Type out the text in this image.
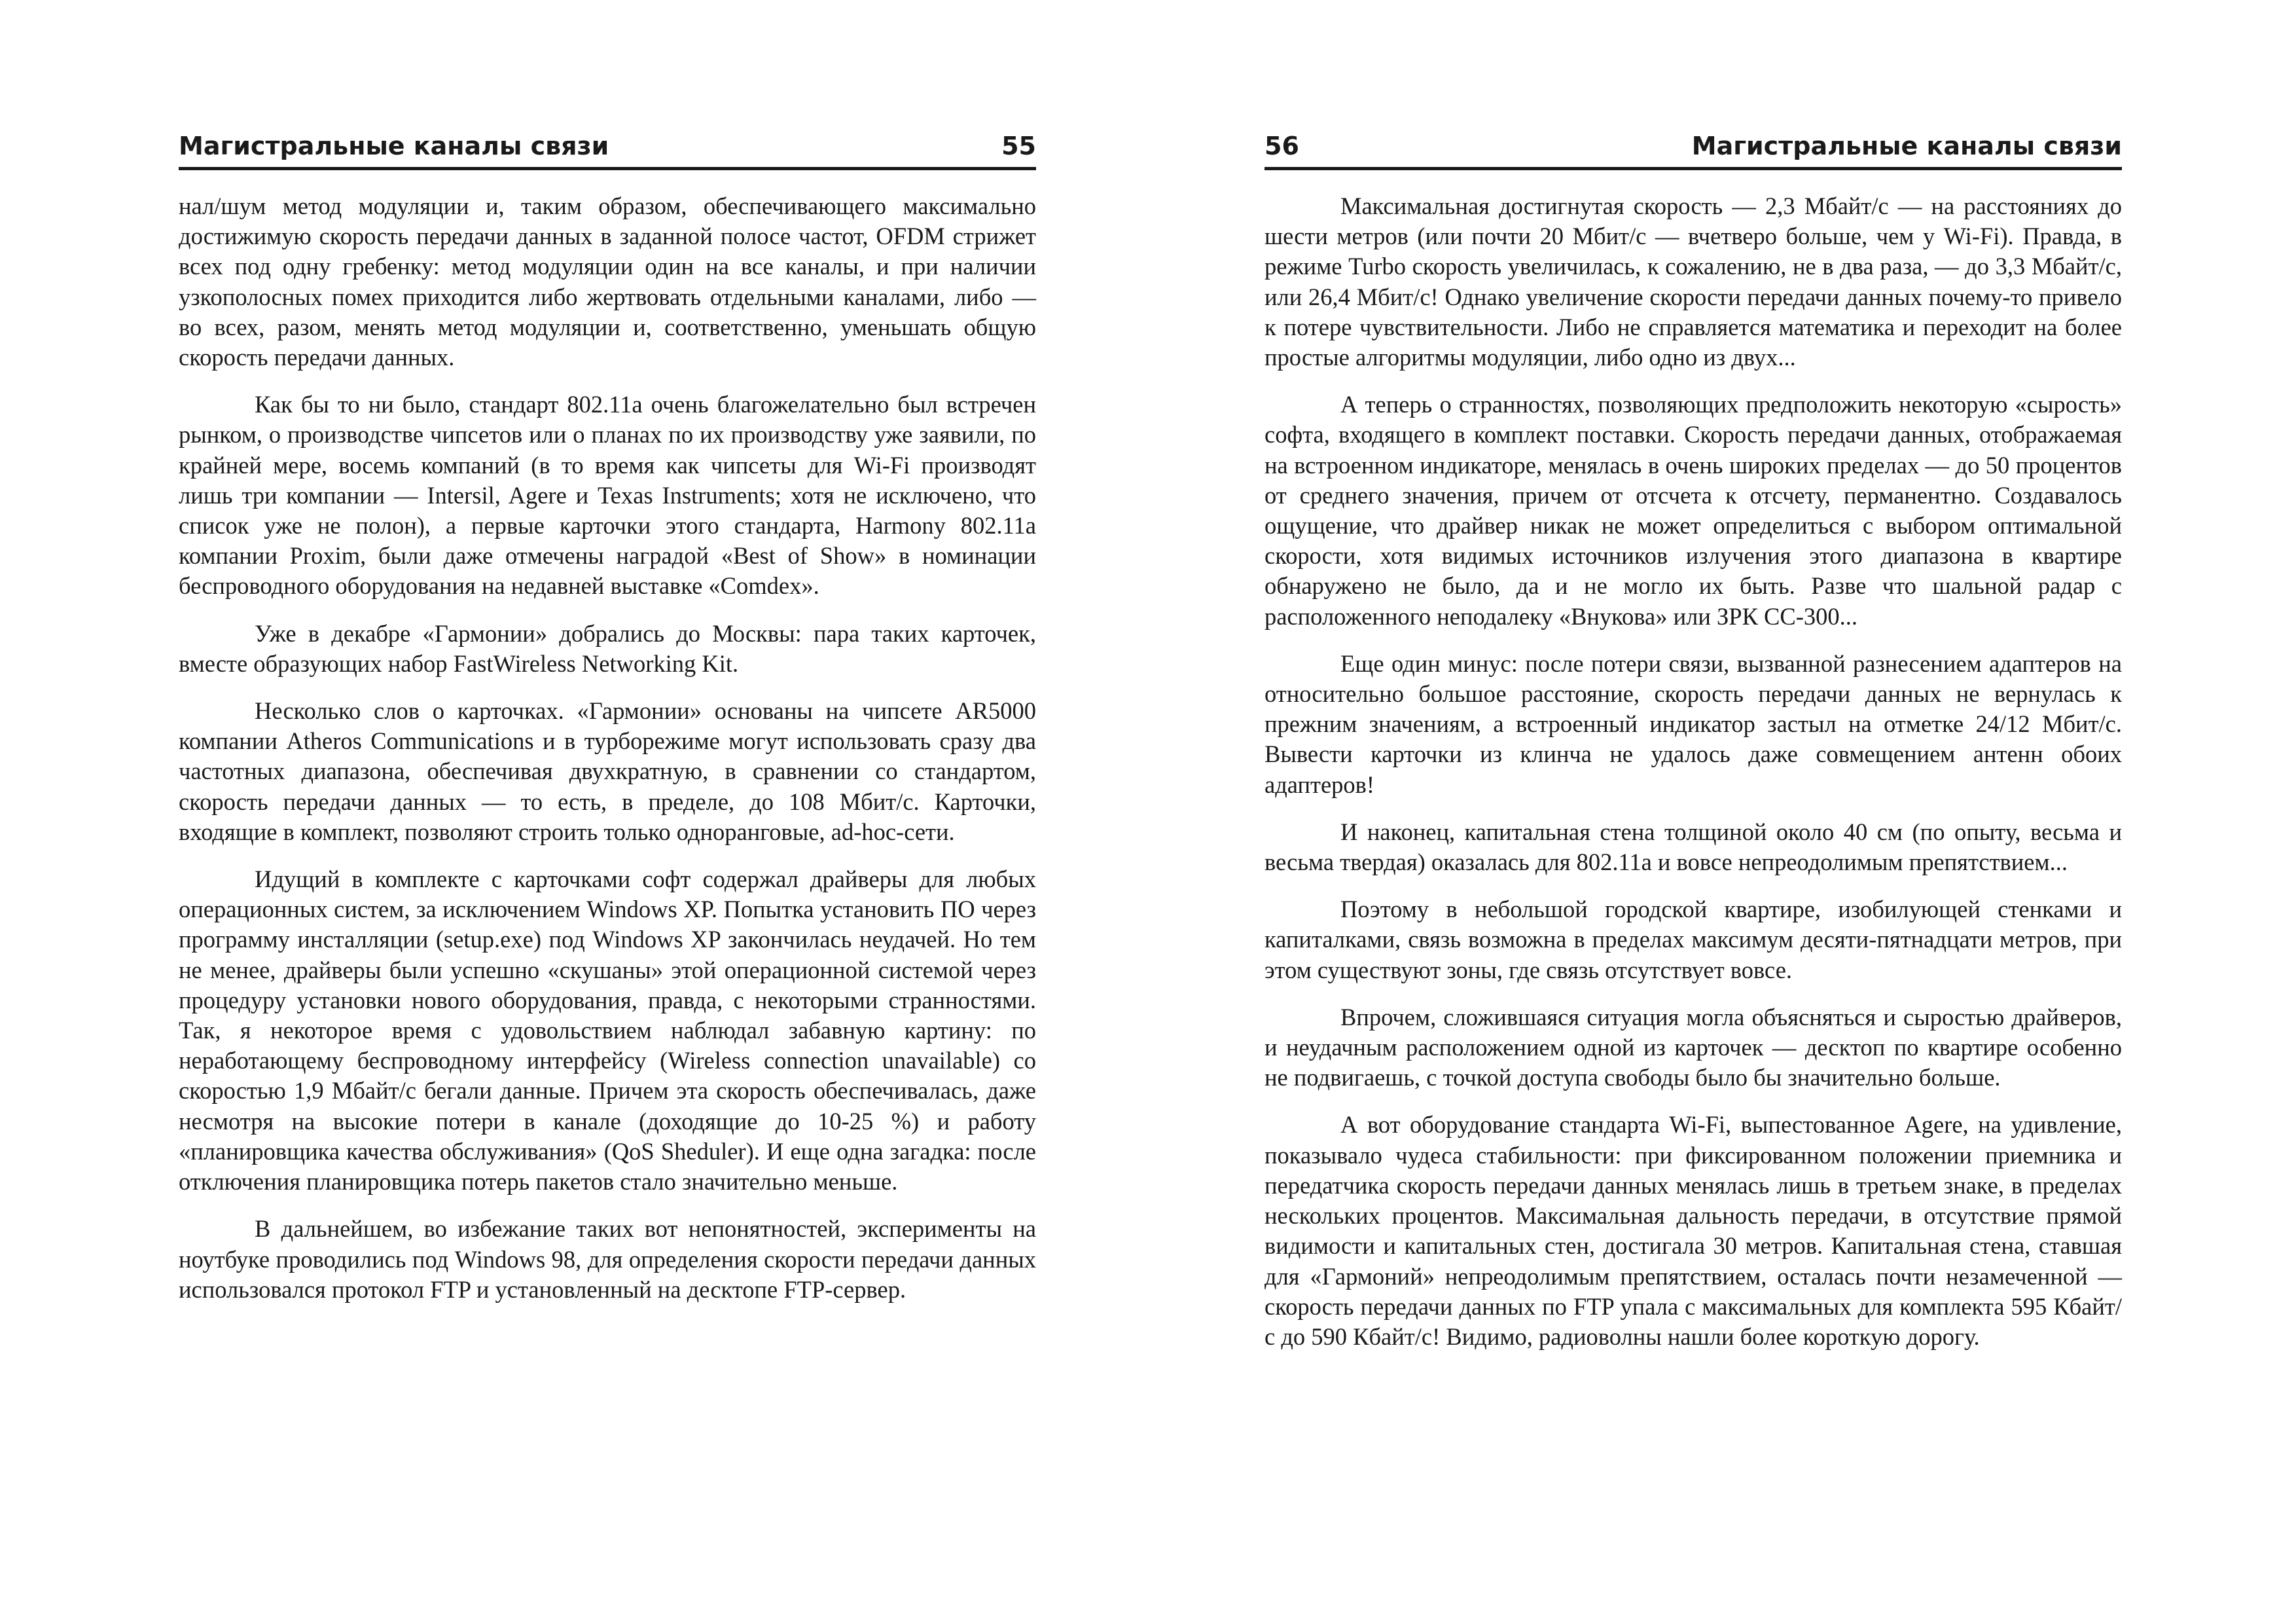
Магистральные каналы связи	55

нал/шум метод модуляции и, таким образом, обеспечивающего максимально достижимую скорость передачи данных в заданной полосе частот, OFDM стрижет всех под одну гребенку: метод модуляции один на все каналы, и при наличии узкополосных помех приходится либо жертвовать отдельными каналами, либо — во всех, разом, менять метод модуляции и, соответственно, уменьшать общую скорость передачи данных.

Как бы то ни было, стандарт 802.11a очень благожелательно был встречен рынком, о производстве чипсетов или о планах по их производству уже заявили, по крайней мере, восемь компаний (в то время как чипсеты для Wi-Fi производят лишь три компании — Intersil, Agere и Texas Instruments; хотя не исключено, что список уже не полон), а первые карточки этого стандарта, Harmony 802.11a компании Proxim, были даже отмечены наградой «Best of Show» в номинации беспроводного оборудования на недавней выставке «Comdex».

Уже в декабре «Гармонии» добрались до Москвы: пара таких карточек, вместе образующих набор FastWireless Networking Kit.

Несколько слов о карточках. «Гармонии» основаны на чипсете AR5000 компании Atheros Communications и в турборежиме могут использовать сразу два частотных диапазона, обеспечивая двухкратную, в сравнении со стандартом, скорость передачи данных — то есть, в пределе, до 108 Мбит/с. Карточки, входящие в комплект, позволяют строить только одноранговые, ad-hoc-сети.

Идущий в комплекте с карточками софт содержал драйверы для любых операционных систем, за исключением Windows XP. Попытка установить ПО через программу инсталляции (setup.exe) под Windows XP закончилась неудачей. Но тем не менее, драйверы были успешно «скушаны» этой операционной системой через процедуру установки нового оборудования, правда, с некоторыми странностями. Так, я некоторое время с удовольствием наблюдал забавную картину: по неработающему беспроводному интерфейсу (Wireless connection unavailable) со скоростью 1,9 Мбайт/с бегали данные. Причем эта скорость обеспечивалась, даже несмотря на высокие потери в канале (доходящие до 10-25 %) и работу «планировщика качества обслуживания» (QoS Sheduler). И еще одна загадка: после отключения планировщика потерь пакетов стало значительно меньше.

В дальнейшем, во избежание таких вот непонятностей, эксперименты на ноутбуке проводились под Windows 98, для определения скорости передачи данных использовался протокол FTP и установленный на десктопе FTP-сервер.

56	Магистральные каналы связи

Максимальная достигнутая скорость — 2,3 Мбайт/с — на расстояниях до шести метров (или почти 20 Мбит/с — вчетверо больше, чем у Wi-Fi). Правда, в режиме Turbo скорость увеличилась, к сожалению, не в два раза, — до 3,3 Мбайт/с, или 26,4 Мбит/с! Однако увеличение скорости передачи данных почему-то привело к потере чувствительности. Либо не справляется математика и переходит на более простые алгоритмы модуляции, либо одно из двух...

А теперь о странностях, позволяющих предположить некоторую «сырость» софта, входящего в комплект поставки. Скорость передачи данных, отображаемая на встроенном индикаторе, менялась в очень широких пределах — до 50 процентов от среднего значения, причем от отсчета к отсчету, перманентно. Создавалось ощущение, что драйвер никак не может определиться с выбором оптимальной скорости, хотя видимых источников излучения этого диапазона в квартире обнаружено не было, да и не могло их быть. Разве что шальной радар с расположенного неподалеку «Внукова» или ЗРК СС-300...

Еще один минус: после потери связи, вызванной разнесением адаптеров на относительно большое расстояние, скорость передачи данных не вернулась к прежним значениям, а встроенный индикатор застыл на отметке 24/12 Мбит/с. Вывести карточки из клинча не удалось даже совмещением антенн обоих адаптеров!

И наконец, капитальная стена толщиной около 40 см (по опыту, весьма и весьма твердая) оказалась для 802.11a и вовсе непреодолимым препятствием...

Поэтому в небольшой городской квартире, изобилующей стенками и капиталками, связь возможна в пределах максимум десяти-пятнадцати метров, при этом существуют зоны, где связь отсутствует вовсе.

Впрочем, сложившаяся ситуация могла объясняться и сыростью драйверов, и неудачным расположением одной из карточек — десктоп по квартире особенно не подвигаешь, с точкой доступа свободы было бы значительно больше.

А вот оборудование стандарта Wi-Fi, выпестованное Agere, на удивление, показывало чудеса стабильности: при фиксированном положении приемника и передатчика скорость передачи данных менялась лишь в третьем знаке, в пределах нескольких процентов. Максимальная дальность передачи, в отсутствие прямой видимости и капитальных стен, достигала 30 метров. Капитальная стена, ставшая для «Гармоний» непреодолимым препятствием, осталась почти незамеченной — скорость передачи данных по FTP упала с максимальных для комплекта 595 Кбайт/с до 590 Кбайт/с! Видимо, радиоволны нашли более короткую дорогу.
